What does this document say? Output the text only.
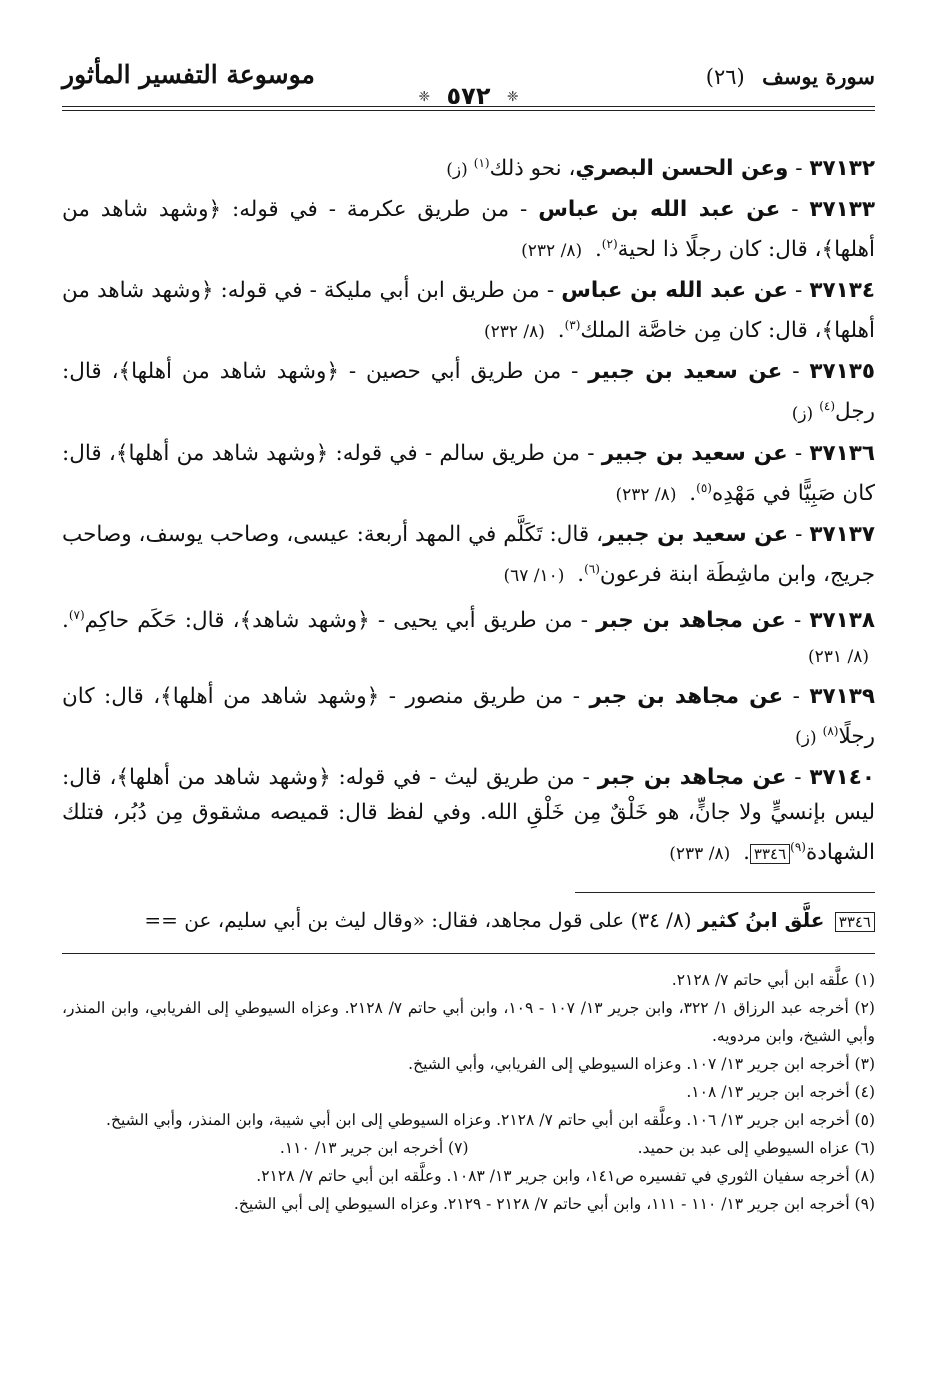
سورة يوسف (٢٦)
❈ ٥٧٢ ❈
موسوعة التفسير المأثور
٣٧١٣٢ - وعن الحسن البصري، نحو ذلك$^{(١)}$(ز)
٣٧١٣٣ - عن عبد الله بن عباس - من طريق عكرمة - في قوله: ﴿وشهد شاهد من أهلها﴾، قال: كان رجلًا ذا لحية$^{(٢)}$. (٨/ ٢٣٢)
٣٧١٣٤ - عن عبد الله بن عباس - من طريق ابن أبي مليكة - في قوله: ﴿وشهد شاهد من أهلها﴾، قال: كان مِن خاصَّة الملك$^{(٣)}$. (٨/ ٢٣٢)
٣٧١٣٥ - عن سعيد بن جبير - من طريق أبي حصين - ﴿وشهد شاهد من أهلها﴾، قال: رجل$^{(٤)}$(ز)
٣٧١٣٦ - عن سعيد بن جبير - من طريق سالم - في قوله: ﴿وشهد شاهد من أهلها﴾، قال: كان صَبِيًّا في مَهْدِه$^{(٥)}$. (٨/ ٢٣٢)
٣٧١٣٧ - عن سعيد بن جبير، قال: تَكَلَّم في المهد أربعة: عيسى، وصاحب يوسف، وصاحب جريج، وابن ماشِطَة ابنة فرعون$^{(٦)}$. (١٠/ ٦٧)
٣٧١٣٨ - عن مجاهد بن جبر - من طريق أبي يحيى - ﴿وشهد شاهد﴾، قال: حَكَم حاكِم$^{(٧)}$. (٨/ ٢٣١)
٣٧١٣٩ - عن مجاهد بن جبر - من طريق منصور - ﴿وشهد شاهد من أهلها﴾، قال: كان رجلًا$^{(٨)}$(ز)
٣٧١٤٠ - عن مجاهد بن جبر - من طريق ليث - في قوله: ﴿وشهد شاهد من أهلها﴾، قال: ليس بإنسيٍّ ولا جانٍّ، هو خَلْقٌ مِن خَلْقِ الله. وفي لفظ قال: قميصه مشقوق مِن دُبُر، فتلك الشهادة$^{(٩)}$٣٣٤٦. (٨/ ٢٣٣)
٣٣٤٦ علَّق ابنُ كثير (٨/ ٣٤) على قول مجاهد، فقال: «وقال ليث بن أبي سليم، عن ==
(١) علَّقه ابن أبي حاتم ٧/ ٢١٢٨.
(٢) أخرجه عبد الرزاق ١/ ٣٢٢، وابن جرير ١٣/ ١٠٧ - ١٠٩، وابن أبي حاتم ٧/ ٢١٢٨. وعزاه السيوطي إلى الفريابي، وابن المنذر، وأبي الشيخ، وابن مردويه.
(٣) أخرجه ابن جرير ١٣/ ١٠٧. وعزاه السيوطي إلى الفريابي، وأبي الشيخ.
(٤) أخرجه ابن جرير ١٣/ ١٠٨.
(٥) أخرجه ابن جرير ١٣/ ١٠٦. وعلَّقه ابن أبي حاتم ٧/ ٢١٢٨. وعزاه السيوطي إلى ابن أبي شيبة، وابن المنذر، وأبي الشيخ.
(٦) عزاه السيوطي إلى عبد بن حميد.
(٧) أخرجه ابن جرير ١٣/ ١١٠.
(٨) أخرجه سفيان الثوري في تفسيره ص١٤١، وابن جرير ١٣/ ١٠٨٣. وعلَّقه ابن أبي حاتم ٧/ ٢١٢٨.
(٩) أخرجه ابن جرير ١٣/ ١١٠ - ١١١، وابن أبي حاتم ٧/ ٢١٢٨ - ٢١٢٩. وعزاه السيوطي إلى أبي الشيخ.
